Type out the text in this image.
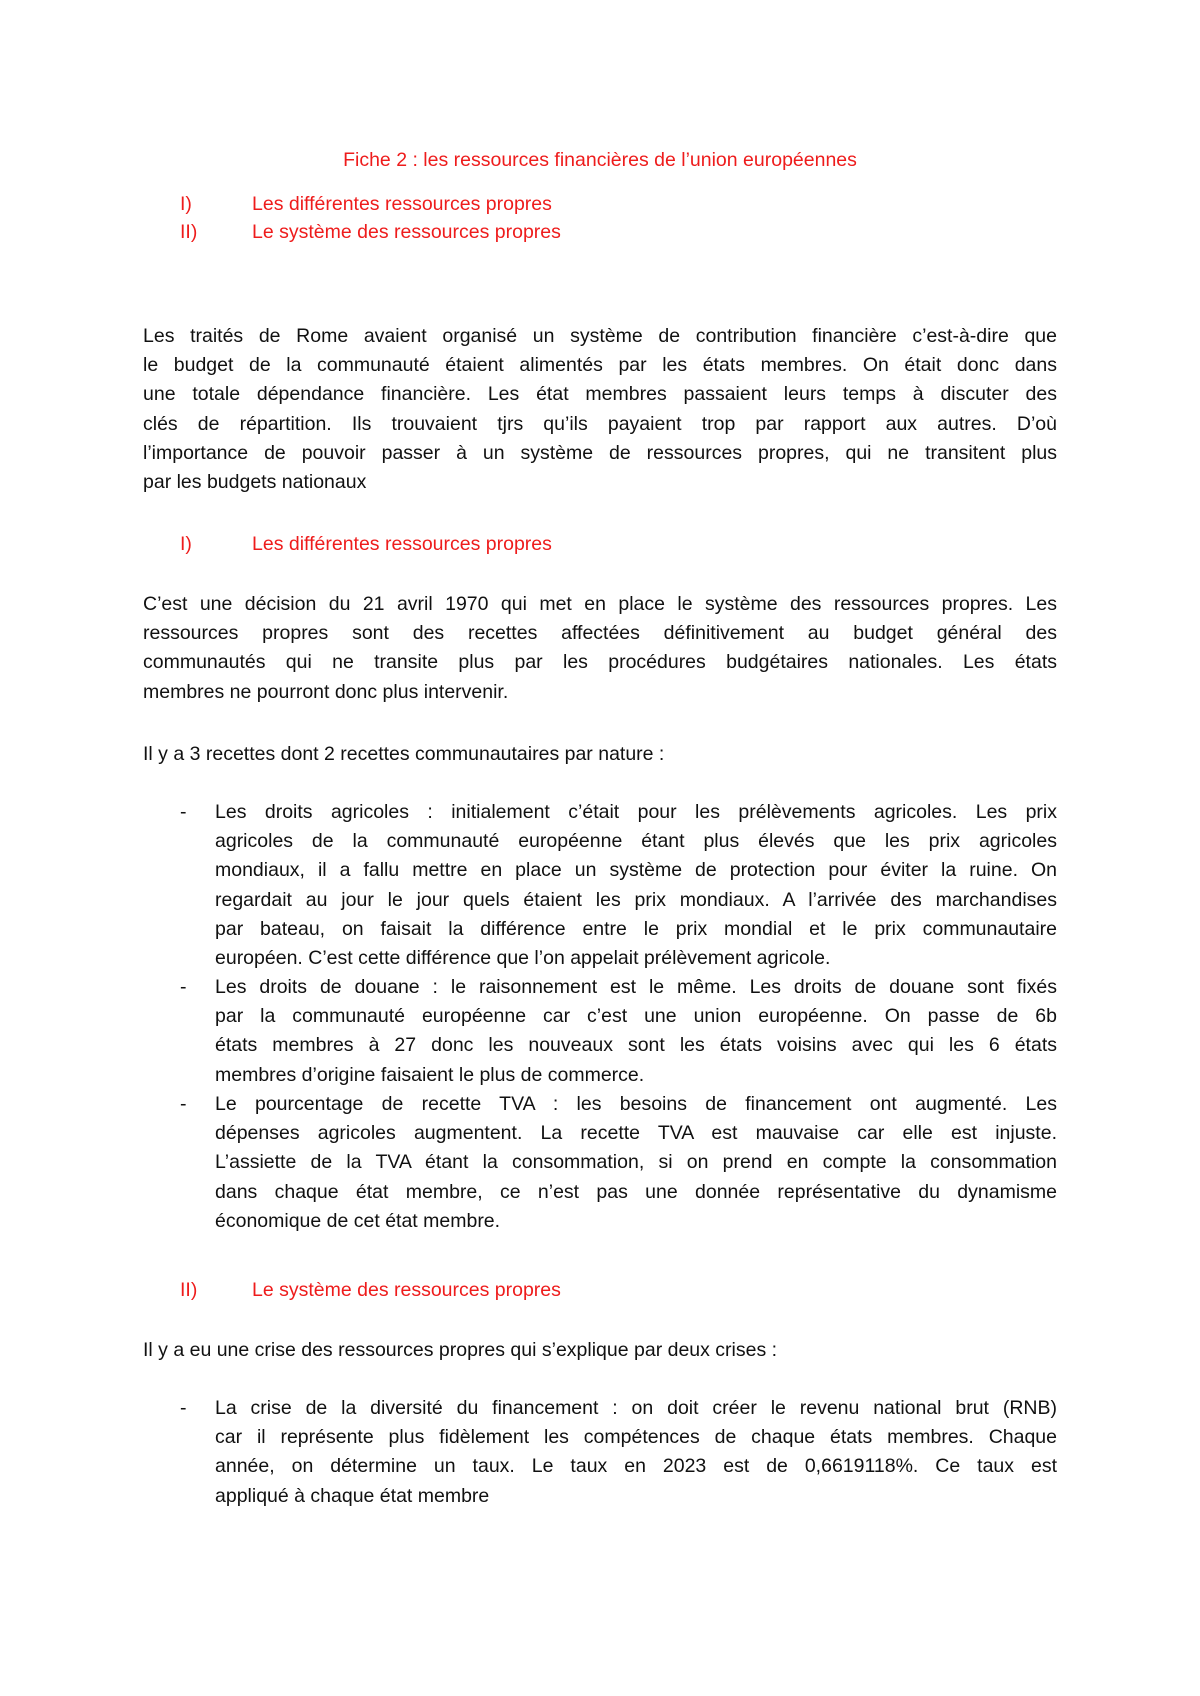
Fiche 2 : les ressources financières de l’union européennes
I)	Les différentes ressources propres
II)	Le système des ressources propres
Les traités de Rome avaient organisé un système de contribution financière c’est-à-dire que
le budget de la communauté étaient alimentés par les états membres. On était donc dans
une totale dépendance financière. Les état membres passaient leurs temps à discuter des
clés de répartition. Ils trouvaient tjrs qu’ils payaient trop par rapport aux autres. D’où
l’importance de pouvoir passer à un système de ressources propres, qui ne transitent plus
par les budgets nationaux
I)	Les différentes ressources propres
C’est une décision du 21 avril 1970 qui met en place le système des ressources propres. Les
ressources propres sont des recettes affectées définitivement au budget général des
communautés qui ne transite plus par les procédures budgétaires nationales. Les états
membres ne pourront donc plus intervenir.
Il y a 3 recettes dont 2 recettes communautaires par nature :
- Les droits agricoles : initialement c’était pour les prélèvements agricoles. Les prix
agricoles de la communauté européenne étant plus élevés que les prix agricoles
mondiaux, il a fallu mettre en place un système de protection pour éviter la ruine. On
regardait au jour le jour quels étaient les prix mondiaux. A l’arrivée des marchandises
par bateau, on faisait la différence entre le prix mondial et le prix communautaire
européen. C’est cette différence que l’on appelait prélèvement agricole.
- Les droits de douane : le raisonnement est le même. Les droits de douane sont fixés
par la communauté européenne car c’est une union européenne. On passe de 6b
états membres à 27 donc les nouveaux sont les états voisins avec qui les 6 états
membres d’origine faisaient le plus de commerce.
- Le pourcentage de recette TVA : les besoins de financement ont augmenté. Les
dépenses agricoles augmentent. La recette TVA est mauvaise car elle est injuste.
L’assiette de la TVA étant la consommation, si on prend en compte la consommation
dans chaque état membre, ce n’est pas une donnée représentative du dynamisme
économique de cet état membre.
II)	Le système des ressources propres
Il y a eu une crise des ressources propres qui s’explique par deux crises :
- La crise de la diversité du financement : on doit créer le revenu national brut (RNB)
car il représente plus fidèlement les compétences de chaque états membres. Chaque
année, on détermine un taux. Le taux en 2023 est de 0,6619118%. Ce taux est
appliqué à chaque état membre
